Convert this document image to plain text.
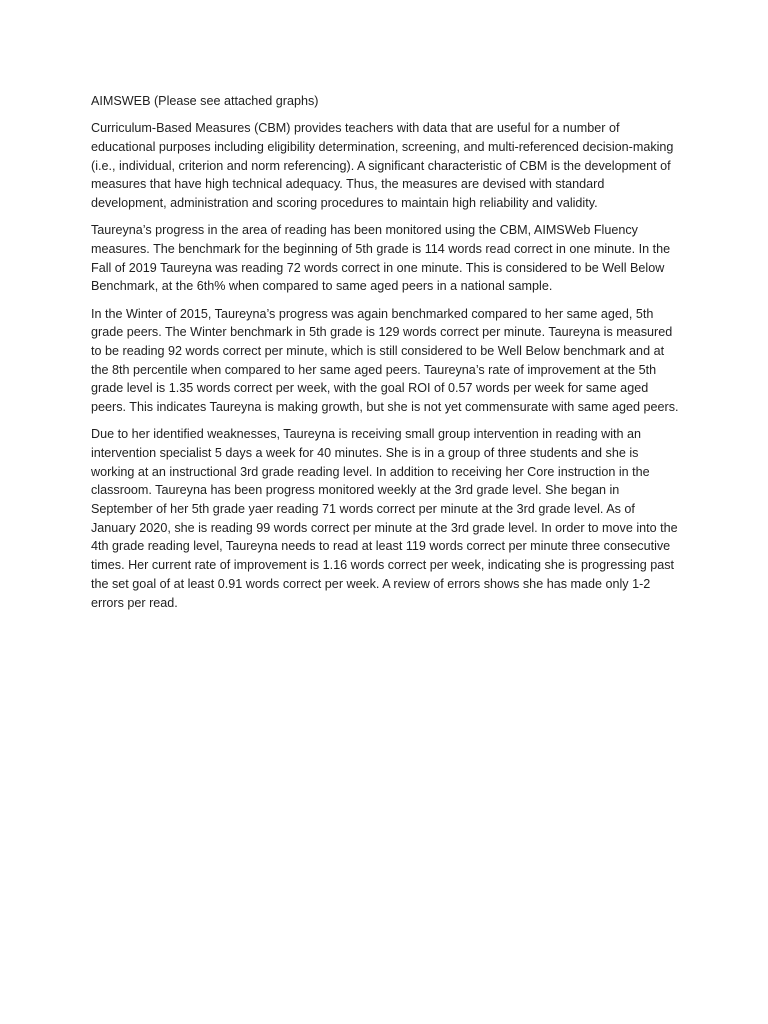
AIMSWEB (Please see attached graphs)

Curriculum-Based Measures (CBM) provides teachers with data that are useful for a number of educational purposes including eligibility determination, screening, and multi-referenced decision-making (i.e., individual, criterion and norm referencing). A significant characteristic of CBM is the development of measures that have high technical adequacy. Thus, the measures are devised with standard development, administration and scoring procedures to maintain high reliability and validity.

Taureyna’s progress in the area of reading has been monitored using the CBM, AIMSWeb Fluency measures. The benchmark for the beginning of 5th grade is 114 words read correct in one minute. In the Fall of 2019 Taureyna was reading 72 words correct in one minute. This is considered to be Well Below Benchmark, at the 6th% when compared to same aged peers in a national sample.

In the Winter of 2015, Taureyna’s progress was again benchmarked compared to her same aged, 5th grade peers. The Winter benchmark in 5th grade is 129 words correct per minute. Taureyna is measured to be reading 92 words correct per minute, which is still considered to be Well Below benchmark and at the 8th percentile when compared to her same aged peers. Taureyna’s rate of improvement at the 5th grade level is 1.35 words correct per week, with the goal ROI of 0.57 words per week for same aged peers. This indicates Taureyna is making growth, but she is not yet commensurate with same aged peers.

Due to her identified weaknesses, Taureyna is receiving small group intervention in reading with an intervention specialist 5 days a week for 40 minutes. She is in a group of three students and she is working at an instructional 3rd grade reading level. In addition to receiving her Core instruction in the classroom. Taureyna has been progress monitored weekly at the 3rd grade level. She began in September of her 5th grade yaer reading 71 words correct per minute at the 3rd grade level. As of January 2020, she is reading 99 words correct per minute at the 3rd grade level. In order to move into the 4th grade reading level, Taureyna needs to read at least 119 words correct per minute three consecutive times. Her current rate of improvement is 1.16 words correct per week, indicating she is progressing past the set goal of at least 0.91 words correct per week. A review of errors shows she has made only 1-2 errors per read.
